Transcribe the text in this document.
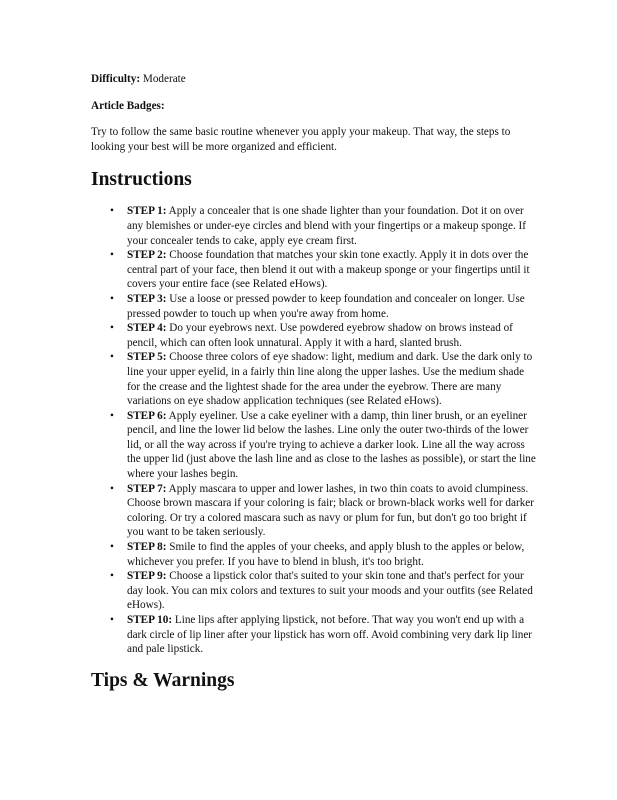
Difficulty: Moderate

Article Badges:

Try to follow the same basic routine whenever you apply your makeup. That way, the steps to looking your best will be more organized and efficient.

Instructions
• STEP 1: Apply a concealer that is one shade lighter than your foundation. Dot it on over any blemishes or under-eye circles and blend with your fingertips or a makeup sponge. If your concealer tends to cake, apply eye cream first.
• STEP 2: Choose foundation that matches your skin tone exactly. Apply it in dots over the central part of your face, then blend it out with a makeup sponge or your fingertips until it covers your entire face (see Related eHows).
• STEP 3: Use a loose or pressed powder to keep foundation and concealer on longer. Use pressed powder to touch up when you're away from home.
• STEP 4: Do your eyebrows next. Use powdered eyebrow shadow on brows instead of pencil, which can often look unnatural. Apply it with a hard, slanted brush.
• STEP 5: Choose three colors of eye shadow: light, medium and dark. Use the dark only to line your upper eyelid, in a fairly thin line along the upper lashes. Use the medium shade for the crease and the lightest shade for the area under the eyebrow. There are many variations on eye shadow application techniques (see Related eHows).
• STEP 6: Apply eyeliner. Use a cake eyeliner with a damp, thin liner brush, or an eyeliner pencil, and line the lower lid below the lashes. Line only the outer two-thirds of the lower lid, or all the way across if you're trying to achieve a darker look. Line all the way across the upper lid (just above the lash line and as close to the lashes as possible), or start the line where your lashes begin.
• STEP 7: Apply mascara to upper and lower lashes, in two thin coats to avoid clumpiness. Choose brown mascara if your coloring is fair; black or brown-black works well for darker coloring. Or try a colored mascara such as navy or plum for fun, but don't go too bright if you want to be taken seriously.
• STEP 8: Smile to find the apples of your cheeks, and apply blush to the apples or below, whichever you prefer. If you have to blend in blush, it's too bright.
• STEP 9: Choose a lipstick color that's suited to your skin tone and that's perfect for your day look. You can mix colors and textures to suit your moods and your outfits (see Related eHows).
• STEP 10: Line lips after applying lipstick, not before. That way you won't end up with a dark circle of lip liner after your lipstick has worn off. Avoid combining very dark lip liner and pale lipstick.
Tips & Warnings
